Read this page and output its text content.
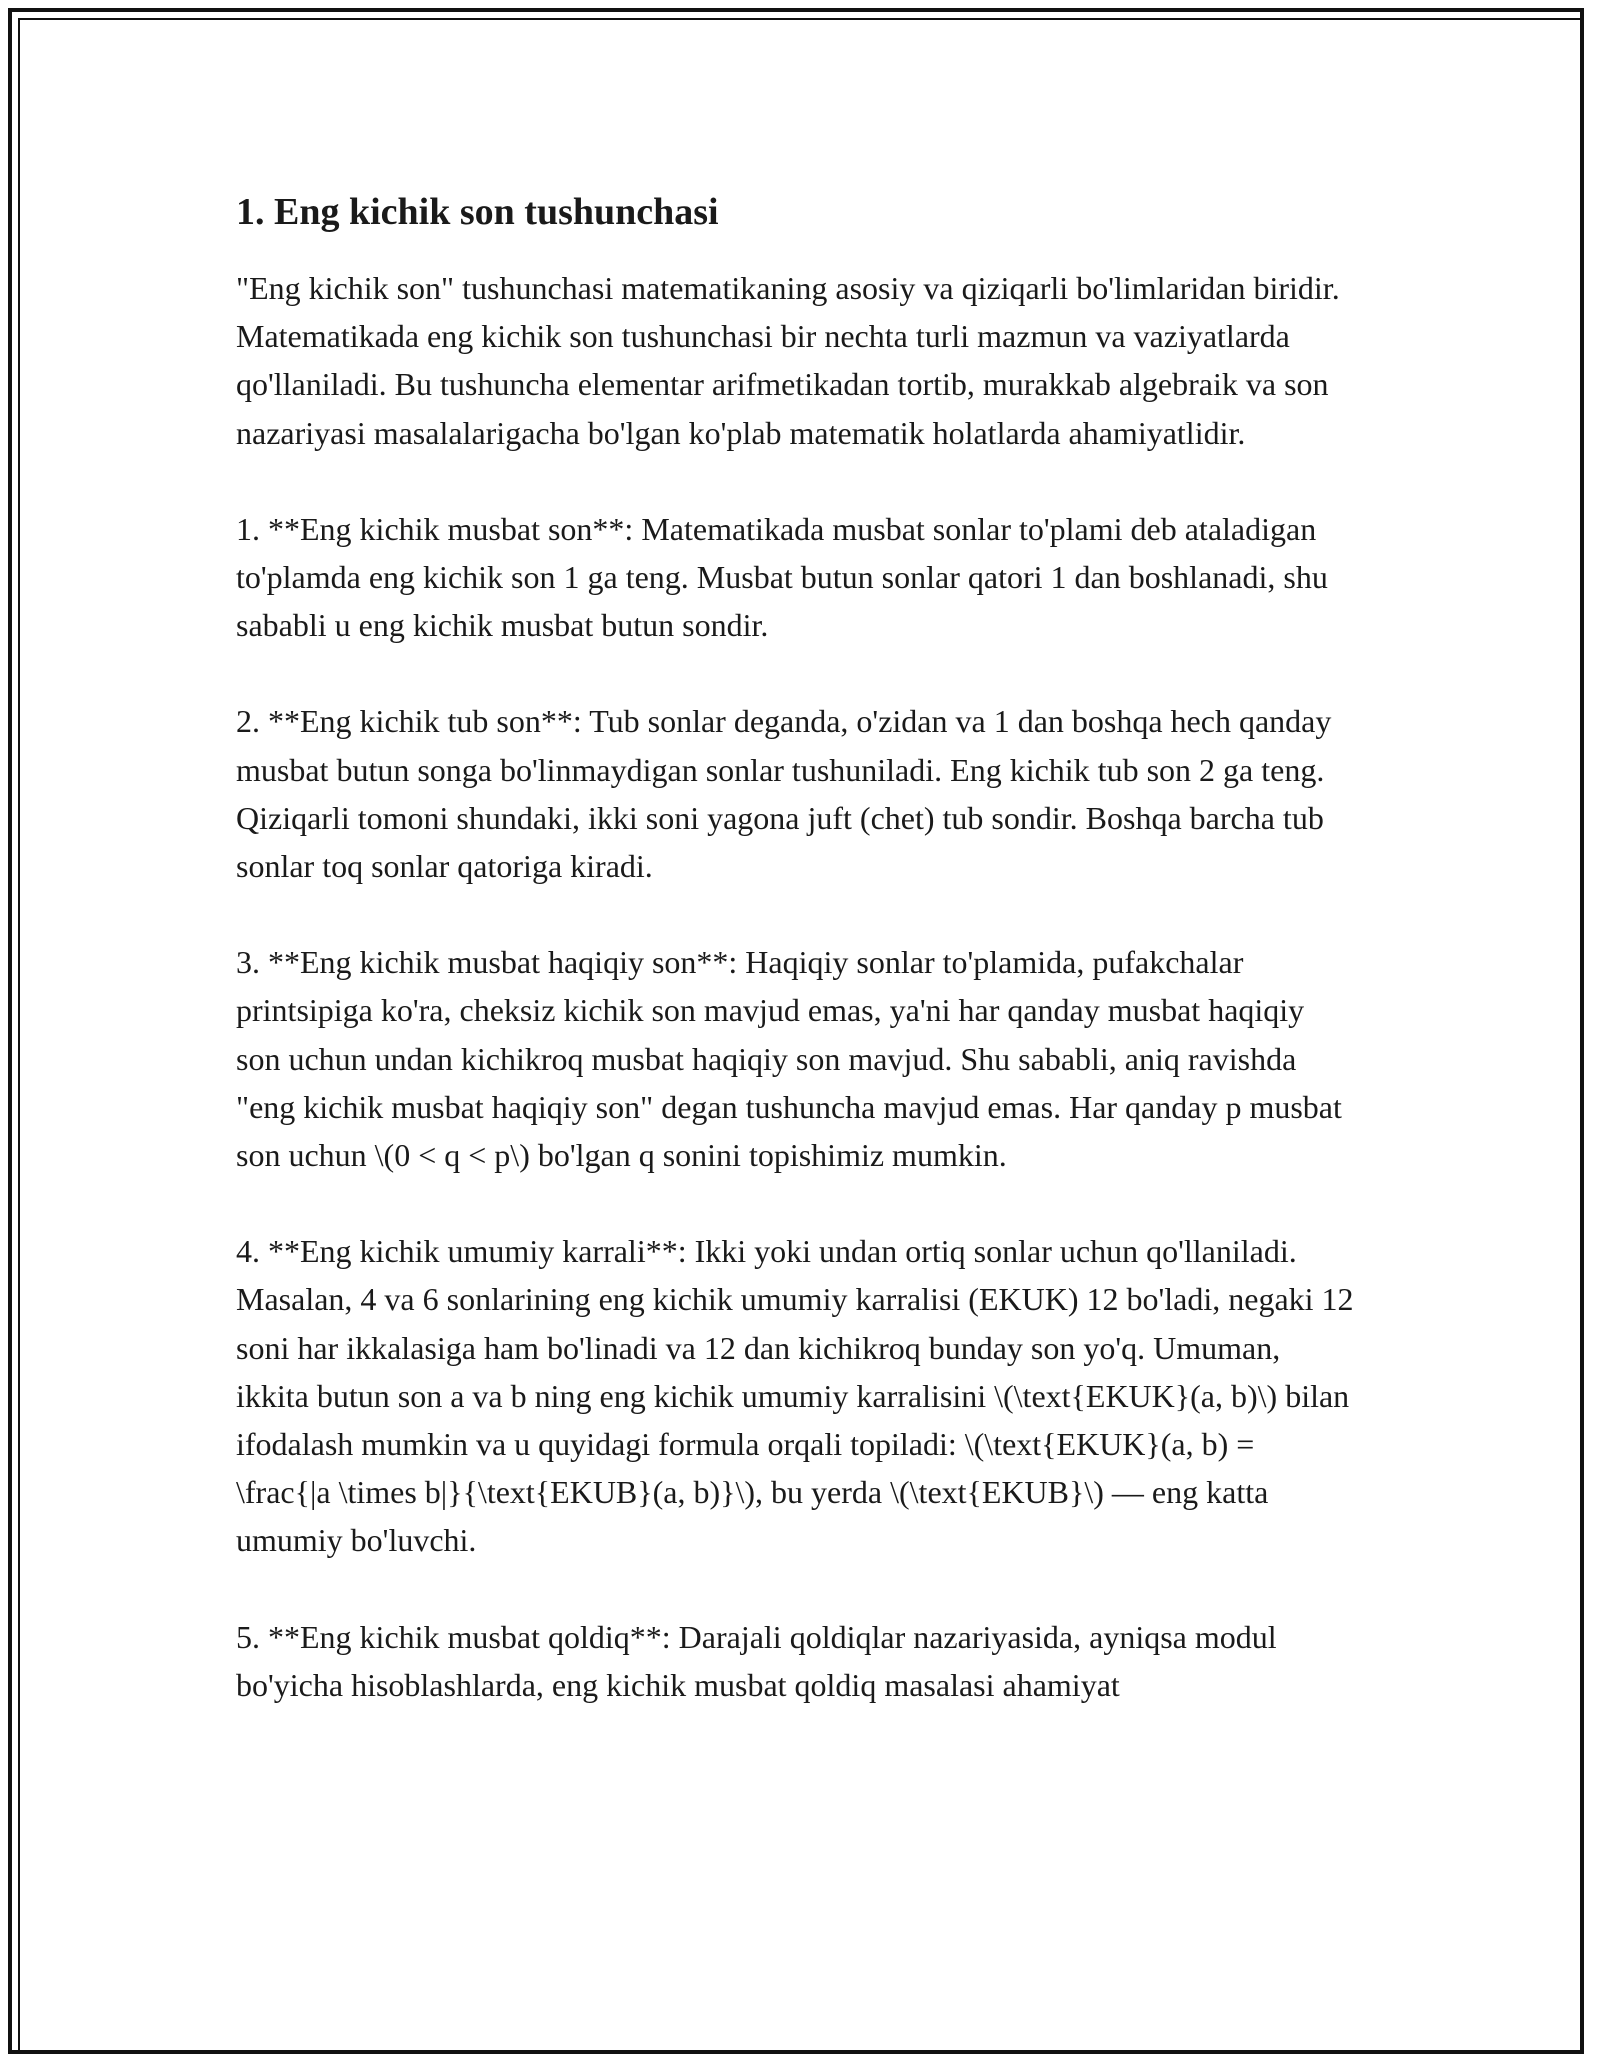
1. Eng kichik son tushunchasi

"Eng kichik son" tushunchasi matematikaning asosiy va qiziqarli bo'limlaridan biridir. Matematikada eng kichik son tushunchasi bir nechta turli mazmun va vaziyatlarda qo'llaniladi. Bu tushuncha elementar arifmetikadan tortib, murakkab algebraik va son nazariyasi masalalarigacha bo'lgan ko'plab matematik holatlarda ahamiyatlidir.

1. **Eng kichik musbat son**: Matematikada musbat sonlar to'plami deb ataladigan to'plamda eng kichik son 1 ga teng. Musbat butun sonlar qatori 1 dan boshlanadi, shu sababli u eng kichik musbat butun sondir.

2. **Eng kichik tub son**: Tub sonlar deganda, o'zidan va 1 dan boshqa hech qanday musbat butun songa bo'linmaydigan sonlar tushuniladi. Eng kichik tub son 2 ga teng. Qiziqarli tomoni shundaki, ikki soni yagona juft (chet) tub sondir. Boshqa barcha tub sonlar toq sonlar qatoriga kiradi.

3. **Eng kichik musbat haqiqiy son**: Haqiqiy sonlar to'plamida, pufakchalar printsipiga ko'ra, cheksiz kichik son mavjud emas, ya'ni har qanday musbat haqiqiy son uchun undan kichikroq musbat haqiqiy son mavjud. Shu sababli, aniq ravishda "eng kichik musbat haqiqiy son" degan tushuncha mavjud emas. Har qanday p musbat son uchun \(0 < q < p\) bo'lgan q sonini topishimiz mumkin.

4. **Eng kichik umumiy karrali**: Ikki yoki undan ortiq sonlar uchun qo'llaniladi. Masalan, 4 va 6 sonlarining eng kichik umumiy karralisi (EKUK) 12 bo'ladi, negaki 12 soni har ikkalasiga ham bo'linadi va 12 dan kichikroq bunday son yo'q. Umuman, ikkita butun son a va b ning eng kichik umumiy karralisini \(\text{EKUK}(a, b)\) bilan ifodalash mumkin va u quyidagi formula orqali topiladi: \(\text{EKUK}(a, b) = \frac{|a \times b|}{\text{EKUB}(a, b)}\), bu yerda \(\text{EKUB}\) — eng katta umumiy bo'luvchi.

5. **Eng kichik musbat qoldiq**: Darajali qoldiqlar nazariyasida, ayniqsa modul bo'yicha hisoblashlarda, eng kichik musbat qoldiq masalasi ahamiyat
